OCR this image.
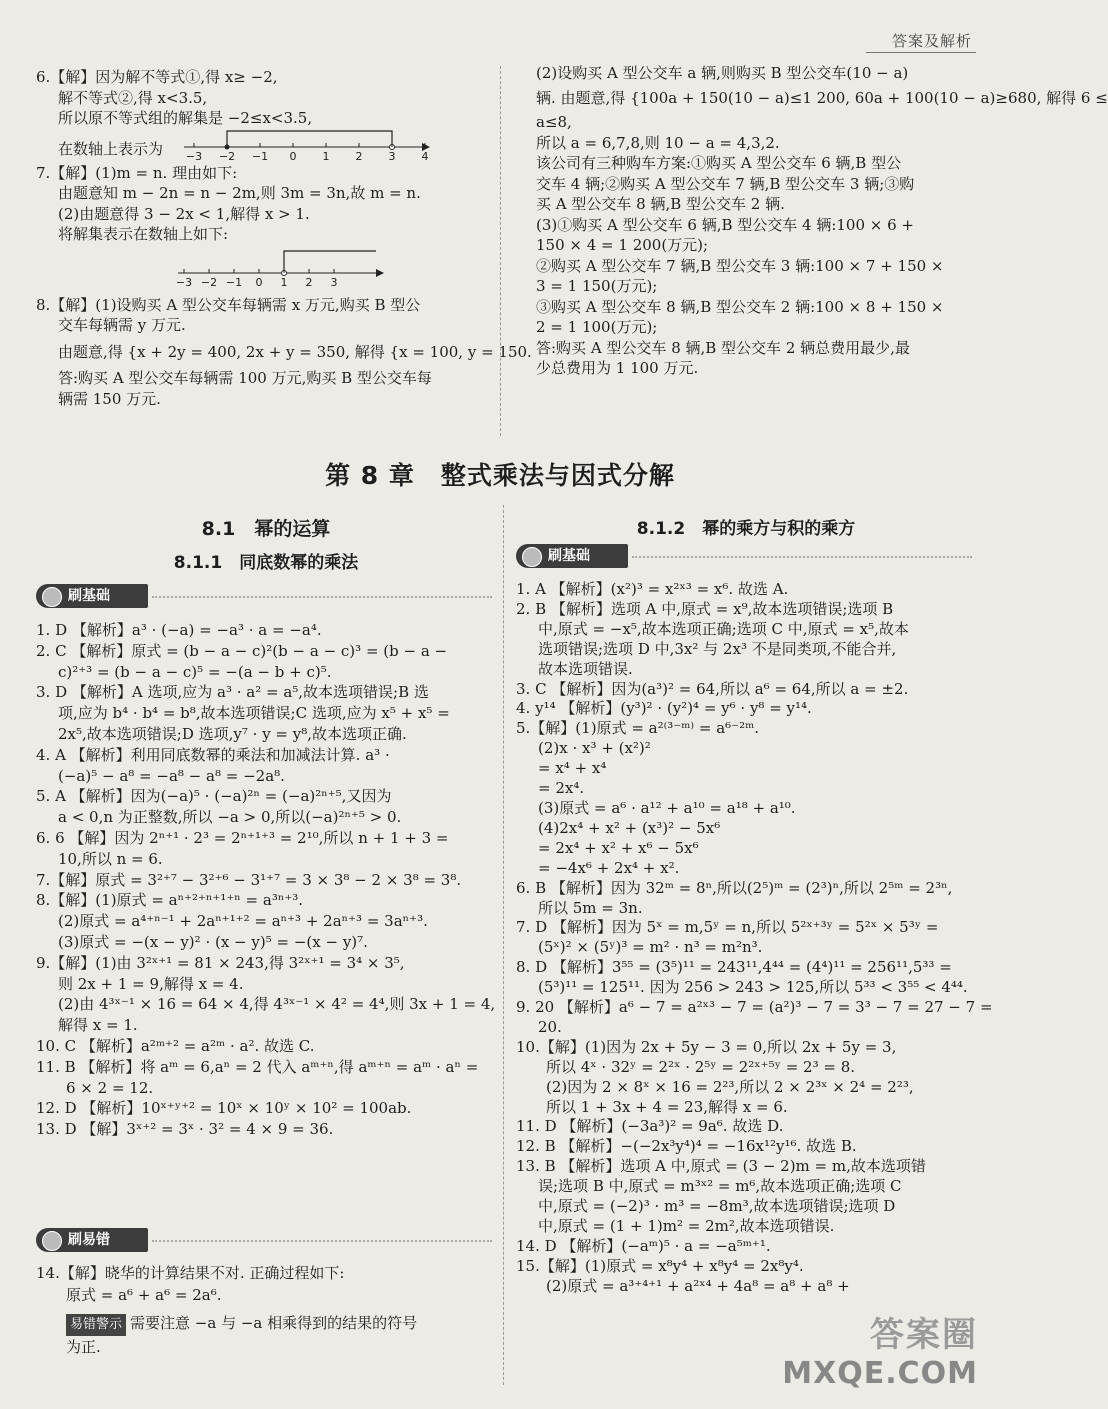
答案及解析

6.【解】因为解不等式①,得 x≥ −2,

解不等式②,得 x<3.5,

所以原不等式组的解集是 −2≤x<3.5,

在数轴上表示为 −3 −2 −1 0 1 2 3 4

7.【解】(1)m = n. 理由如下:

由题意知 m − 2n = n − 2m,则 3m = 3n,故 m = n.

(2)由题意得 3 − 2x < 1,解得 x > 1.

将解集表示在数轴上如下:

−3 −2 −1 0 1 2 3

8.【解】(1)设购买 A 型公交车每辆需 x 万元,购买 B 型公

交车每辆需 y 万元.

由题意,得 {x + 2y = 400, 2x + y = 350, 解得 {x = 100, y = 150.

答:购买 A 型公交车每辆需 100 万元,购买 B 型公交车每

辆需 150 万元.

(2)设购买 A 型公交车 a 辆,则购买 B 型公交车(10 − a)

辆. 由题意,得 {100a + 150(10 − a)≤1 200, 60a + 100(10 − a)≥680, 解得 6 ≤

a≤8,

所以 a = 6,7,8,则 10 − a = 4,3,2.

该公司有三种购车方案:①购买 A 型公交车 6 辆,B 型公

交车 4 辆;②购买 A 型公交车 7 辆,B 型公交车 3 辆;③购

买 A 型公交车 8 辆,B 型公交车 2 辆.

(3)①购买 A 型公交车 6 辆,B 型公交车 4 辆:100 × 6 +

150 × 4 = 1 200(万元);

②购买 A 型公交车 7 辆,B 型公交车 3 辆:100 × 7 + 150 ×

3 = 1 150(万元);

③购买 A 型公交车 8 辆,B 型公交车 2 辆:100 × 8 + 150 ×

2 = 1 100(万元);

答:购买 A 型公交车 8 辆,B 型公交车 2 辆总费用最少,最

少总费用为 1 100 万元.

第 8 章　整式乘法与因式分解
8.1　幂的运算
8.1.1　同底数幂的乘法
8.1.2　幂的乘方与积的乘方
刷基础
刷基础

1. D 【解析】a³ · (−a) = −a³ · a = −a⁴.

2. C 【解析】原式 = (b − a − c)²(b − a − c)³ = (b − a −

c)²⁺³ = (b − a − c)⁵ = −(a − b + c)⁵.

3. D 【解析】A 选项,应为 a³ · a² = a⁵,故本选项错误;B 选

项,应为 b⁴ · b⁴ = b⁸,故本选项错误;C 选项,应为 x⁵ + x⁵ =

2x⁵,故本选项错误;D 选项,y⁷ · y = y⁸,故本选项正确.

4. A 【解析】利用同底数幂的乘法和加减法计算. a³ ·

(−a)⁵ − a⁸ = −a⁸ − a⁸ = −2a⁸.

5. A 【解析】因为(−a)⁵ · (−a)²ⁿ = (−a)²ⁿ⁺⁵,又因为

a < 0,n 为正整数,所以 −a > 0,所以(−a)²ⁿ⁺⁵ > 0.

6. 6 【解】因为 2ⁿ⁺¹ · 2³ = 2ⁿ⁺¹⁺³ = 2¹⁰,所以 n + 1 + 3 =

10,所以 n = 6.

7.【解】原式 = 3²⁺⁷ − 3²⁺⁶ − 3¹⁺⁷ = 3 × 3⁸ − 2 × 3⁸ = 3⁸.

8.【解】(1)原式 = aⁿ⁺²⁺ⁿ⁺¹⁺ⁿ = a³ⁿ⁺³.

(2)原式 = a⁴⁺ⁿ⁻¹ + 2aⁿ⁺¹⁺² = aⁿ⁺³ + 2aⁿ⁺³ = 3aⁿ⁺³.

(3)原式 = −(x − y)² · (x − y)⁵ = −(x − y)⁷.

9.【解】(1)由 3²ˣ⁺¹ = 81 × 243,得 3²ˣ⁺¹ = 3⁴ × 3⁵,

则 2x + 1 = 9,解得 x = 4.

(2)由 4³ˣ⁻¹ × 16 = 64 × 4,得 4³ˣ⁻¹ × 4² = 4⁴,则 3x + 1 = 4,

解得 x = 1.

10. C 【解析】a²ᵐ⁺² = a²ᵐ · a². 故选 C.

11. B 【解析】将 aᵐ = 6,aⁿ = 2 代入 aᵐ⁺ⁿ,得 aᵐ⁺ⁿ = aᵐ · aⁿ =

6 × 2 = 12.

12. D 【解析】10ˣ⁺ʸ⁺² = 10ˣ × 10ʸ × 10² = 100ab.

13. D 【解】3ˣ⁺² = 3ˣ · 3² = 4 × 9 = 36.

刷易错

14.【解】晓华的计算结果不对. 正确过程如下:

原式 = a⁶ + a⁶ = 2a⁶.

易错警示 需要注意 −a 与 −a 相乘得到的结果的符号

为正.

1. A 【解析】(x²)³ = x²ˣ³ = x⁶. 故选 A.

2. B 【解析】选项 A 中,原式 = x⁹,故本选项错误;选项 B

中,原式 = −x⁵,故本选项正确;选项 C 中,原式 = x⁵,故本

选项错误;选项 D 中,3x² 与 2x³ 不是同类项,不能合并,

故本选项错误.

3. C 【解析】因为(a³)² = 64,所以 a⁶ = 64,所以 a = ±2.

4. y¹⁴ 【解析】(y³)² · (y²)⁴ = y⁶ · y⁸ = y¹⁴.

5.【解】(1)原式 = a²⁽³⁻ᵐ⁾ = a⁶⁻²ᵐ.

(2)x · x³ + (x²)²

= x⁴ + x⁴

= 2x⁴.

(3)原式 = a⁶ · a¹² + a¹⁰ = a¹⁸ + a¹⁰.

(4)2x⁴ + x² + (x³)² − 5x⁶

= 2x⁴ + x² + x⁶ − 5x⁶

= −4x⁶ + 2x⁴ + x².

6. B 【解析】因为 32ᵐ = 8ⁿ,所以(2⁵)ᵐ = (2³)ⁿ,所以 2⁵ᵐ = 2³ⁿ,

所以 5m = 3n.

7. D 【解析】因为 5ˣ = m,5ʸ = n,所以 5²ˣ⁺³ʸ = 5²ˣ × 5³ʸ =

(5ˣ)² × (5ʸ)³ = m² · n³ = m²n³.

8. D 【解析】3⁵⁵ = (3⁵)¹¹ = 243¹¹,4⁴⁴ = (4⁴)¹¹ = 256¹¹,5³³ =

(5³)¹¹ = 125¹¹. 因为 256 > 243 > 125,所以 5³³ < 3⁵⁵ < 4⁴⁴.

9. 20 【解析】a⁶ − 7 = a²ˣ³ − 7 = (a²)³ − 7 = 3³ − 7 = 27 − 7 =

20.

10.【解】(1)因为 2x + 5y − 3 = 0,所以 2x + 5y = 3,

所以 4ˣ · 32ʸ = 2²ˣ · 2⁵ʸ = 2²ˣ⁺⁵ʸ = 2³ = 8.

(2)因为 2 × 8ˣ × 16 = 2²³,所以 2 × 2³ˣ × 2⁴ = 2²³,

所以 1 + 3x + 4 = 23,解得 x = 6.

11. D 【解析】(−3a³)² = 9a⁶. 故选 D.

12. B 【解析】−(−2x³y⁴)⁴ = −16x¹²y¹⁶. 故选 B.

13. B 【解析】选项 A 中,原式 = (3 − 2)m = m,故本选项错

误;选项 B 中,原式 = m³ˣ² = m⁶,故本选项正确;选项 C

中,原式 = (−2)³ · m³ = −8m³,故本选项错误;选项 D

中,原式 = (1 + 1)m² = 2m²,故本选项错误.

14. D 【解析】(−aᵐ)⁵ · a = −a⁵ᵐ⁺¹.

15.【解】(1)原式 = x⁸y⁴ + x⁸y⁴ = 2x⁸y⁴.

(2)原式 = a³⁺⁴⁺¹ + a²ˣ⁴ + 4a⁸ = a⁸ + a⁸ +

答案圈
MXQE.COM
